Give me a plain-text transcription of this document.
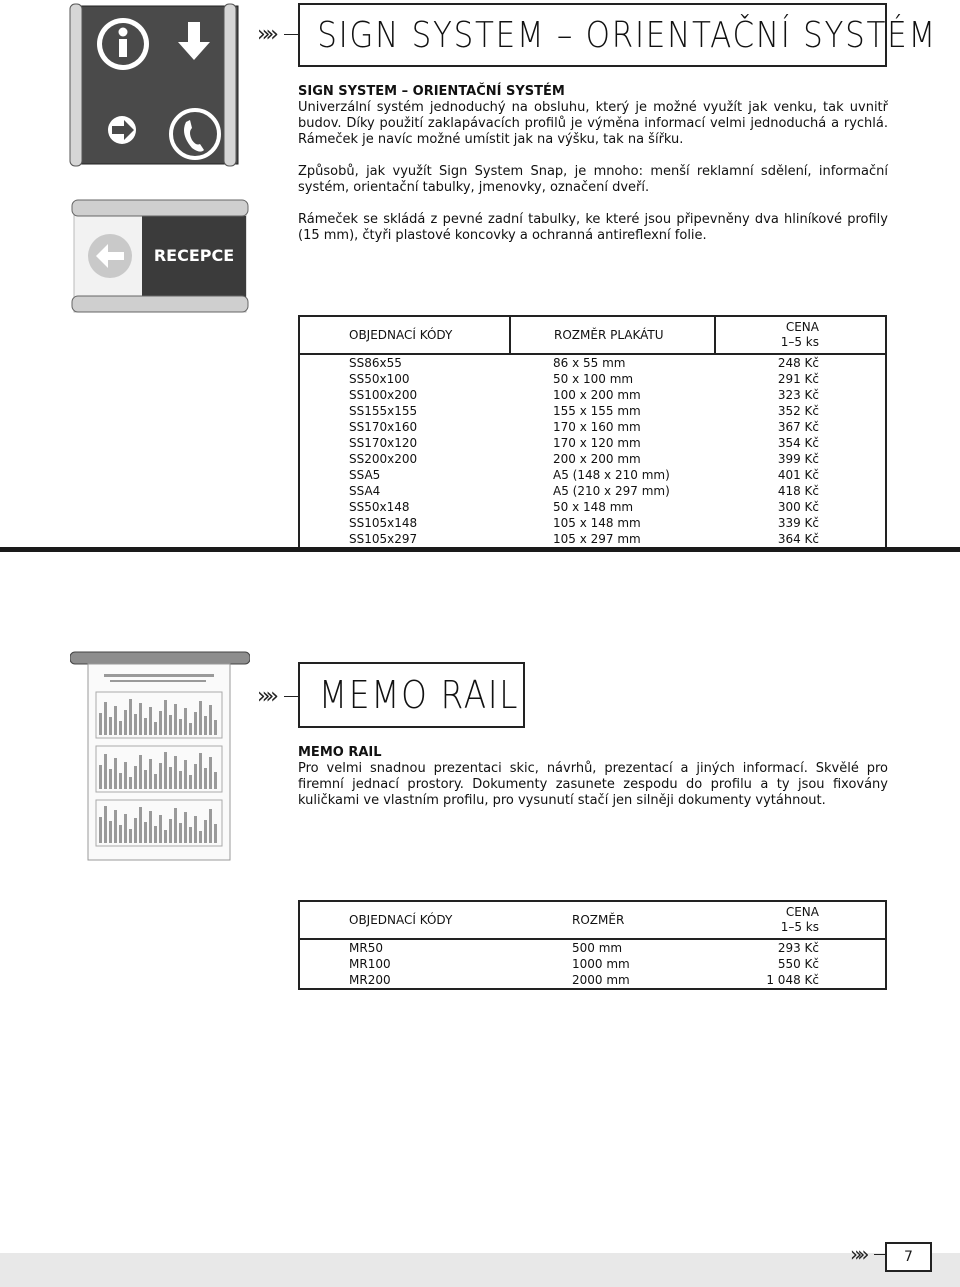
»»	SIGN SYSTEM – ORIENTAČNÍ SYSTÉM
RECEPCE

SIGN SYSTEM – ORIENTAČNÍ SYSTÉM
Univerzální systém jednoduchý na obsluhu, který je možné využít jak venku, tak uvnitř budov. Díky použití zaklapávacích profilů je výměna informací velmi jednoduchá a rychlá. Rámeček je navíc možné umístit jak na výšku, tak na šířku.

Způsobů, jak využít Sign System Snap, je mnoho: menší reklamní sdělení, informační systém, orientační tabulky, jmenovky, označení dveří.

Rámeček se skládá z pevné zadní tabulky, ke které jsou připevněny dva hliníkové profily (15 mm), čtyři plastové koncovky a ochranná antireflexní folie.

OBJEDNACÍ KÓDY	ROZMĚR PLAKÁTU	CENA
1–5 ks
SS86x55	86 x 55 mm	248 Kč
SS50x100	50 x 100 mm	291 Kč
SS100x200	100 x 200 mm	323 Kč
SS155x155	155 x 155 mm	352 Kč
SS170x160	170 x 160 mm	367 Kč
SS170x120	170 x 120 mm	354 Kč
SS200x200	200 x 200 mm	399 Kč
SSA5	A5 (148 x 210 mm)	401 Kč
SSA4	A5 (210 x 297 mm)	418 Kč
SS50x148	50 x 148 mm	300 Kč
SS105x148	105 x 148 mm	339 Kč
SS105x297	105 x 297 mm	364 Kč
»»	MEMO RAIL

MEMO RAIL
Pro velmi snadnou prezentaci skic, návrhů, prezentací a jiných informací. Skvělé pro firemní jednací prostory. Dokumenty zasunete zespodu do profilu a ty jsou fixovány kuličkami ve vlastním profilu, pro vysunutí stačí jen silněji dokumenty vytáhnout.

OBJEDNACÍ KÓDY	ROZMĚR	CENA
1–5 ks
MR50	500 mm	293 Kč
MR100	1000 mm	550 Kč
MR200	2000 mm	1 048 Kč
»»	7
